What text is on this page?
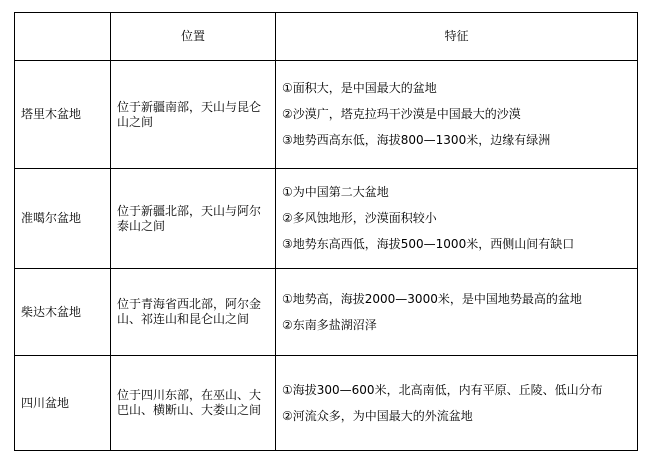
	位置	特征
塔里木盆地	位于新疆南部，天山与昆仑山之间	①面积大，是中国最大的盆地

②沙漠广，塔克拉玛干沙漠是中国最大的沙漠

③地势西高东低，海拔800—1300米，边缘有绿洲

准噶尔盆地	位于新疆北部，天山与阿尔泰山之间	①为中国第二大盆地

②多风蚀地形，沙漠面积较小

③地势东高西低，海拔500—1000米，西侧山间有缺口

柴达木盆地	位于青海省西北部，阿尔金山、祁连山和昆仑山之间	①地势高，海拔2000—3000米，是中国地势最高的盆地

②东南多盐湖沼泽

四川盆地	位于四川东部，在巫山、大巴山、横断山、大娄山之间	①海拔300—600米，北高南低，内有平原、丘陵、低山分布

②河流众多，为中国最大的外流盆地
